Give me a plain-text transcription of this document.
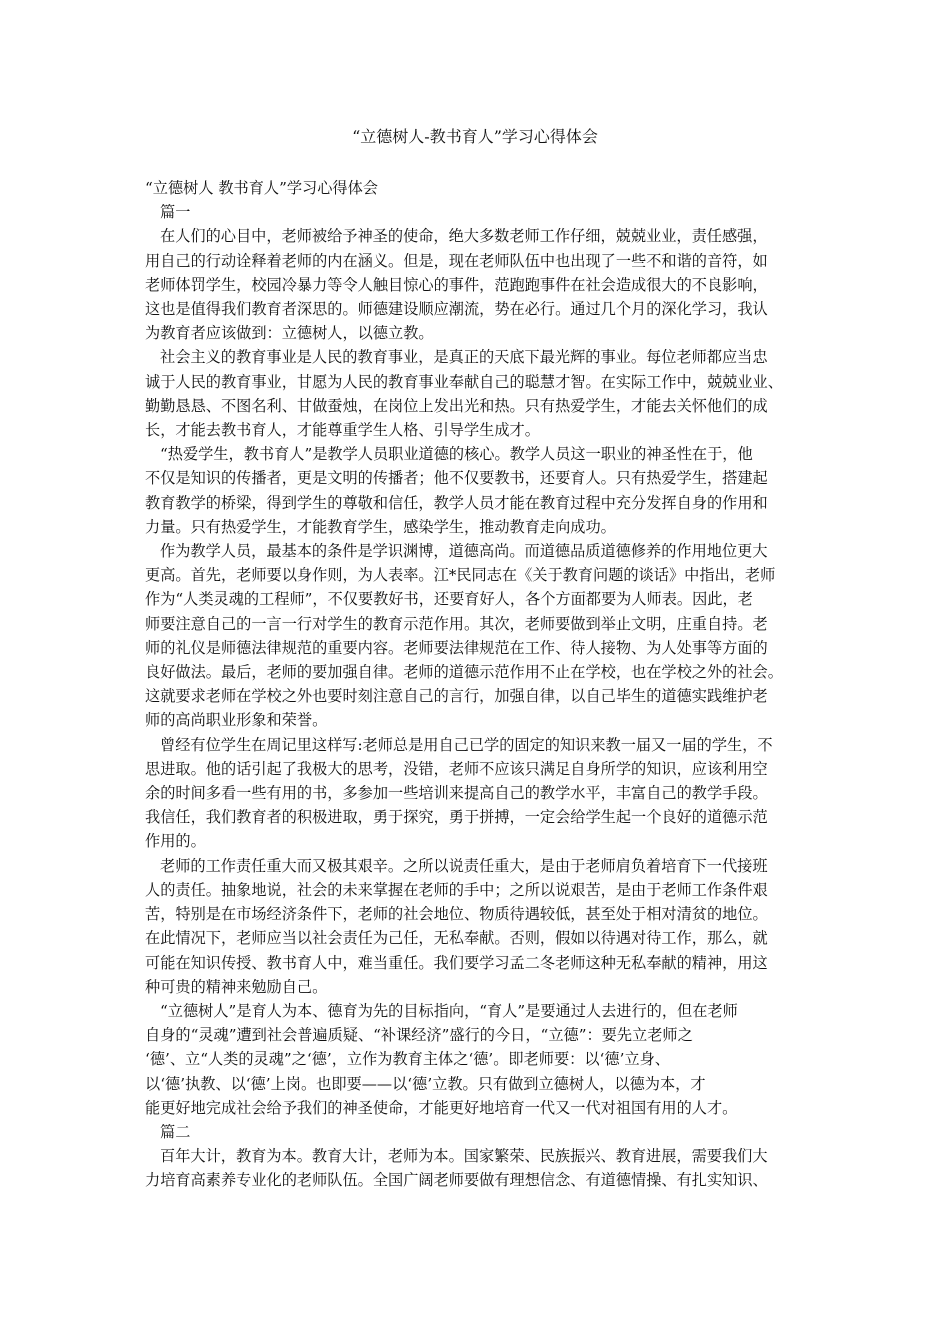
“立德树人-教书育人”学习心得体会
“立德树人 教书育人”学习心得体会
篇一
在人们的心目中，老师被给予神圣的使命，绝大多数老师工作仔细，兢兢业业，责任感强，
用自己的行动诠释着老师的内在涵义。但是，现在老师队伍中也出现了一些不和谐的音符，如
老师体罚学生，校园冷暴力等令人触目惊心的事件，范跑跑事件在社会造成很大的不良影响，
这也是值得我们教育者深思的。师德建设顺应潮流，势在必行。通过几个月的深化学习，我认
为教育者应该做到：立德树人，以德立教。
社会主义的教育事业是人民的教育事业，是真正的天底下最光辉的事业。每位老师都应当忠
诚于人民的教育事业，甘愿为人民的教育事业奉献自己的聪慧才智。在实际工作中，兢兢业业、
勤勤恳恳、不图名利、甘做蚕烛，在岗位上发出光和热。只有热爱学生，才能去关怀他们的成
长，才能去教书育人，才能尊重学生人格、引导学生成才。
“热爱学生，教书育人”是教学人员职业道德的核心。教学人员这一职业的神圣性在于，他
不仅是知识的传播者，更是文明的传播者；他不仅要教书，还要育人。只有热爱学生，搭建起
教育教学的桥梁，得到学生的尊敬和信任，教学人员才能在教育过程中充分发挥自身的作用和
力量。只有热爱学生，才能教育学生，感染学生，推动教育走向成功。
作为教学人员，最基本的条件是学识渊博，道德高尚。而道德品质道德修养的作用地位更大
更高。首先，老师要以身作则，为人表率。江*民同志在《关于教育问题的谈话》中指出，老师
作为“人类灵魂的工程师”，不仅要教好书，还要育好人，各个方面都要为人师表。因此，老
师要注意自己的一言一行对学生的教育示范作用。其次，老师要做到举止文明，庄重自持。老
师的礼仪是师德法律规范的重要内容。老师要法律规范在工作、待人接物、为人处事等方面的
良好做法。最后，老师的要加强自律。老师的道德示范作用不止在学校，也在学校之外的社会。
这就要求老师在学校之外也要时刻注意自己的言行，加强自律，以自己毕生的道德实践维护老
师的高尚职业形象和荣誉。
曾经有位学生在周记里这样写:老师总是用自己已学的固定的知识来教一届又一届的学生，不
思进取。他的话引起了我极大的思考，没错，老师不应该只满足自身所学的知识，应该利用空
余的时间多看一些有用的书，多参加一些培训来提高自己的教学水平，丰富自己的教学手段。
我信任，我们教育者的积极进取，勇于探究，勇于拼搏，一定会给学生起一个良好的道德示范
作用的。
老师的工作责任重大而又极其艰辛。之所以说责任重大，是由于老师肩负着培育下一代接班
人的责任。抽象地说，社会的未来掌握在老师的手中；之所以说艰苦，是由于老师工作条件艰
苦，特别是在市场经济条件下，老师的社会地位、物质待遇较低，甚至处于相对清贫的地位。
在此情况下，老师应当以社会责任为己任，无私奉献。否则，假如以待遇对待工作，那么，就
可能在知识传授、教书育人中，难当重任。我们要学习孟二冬老师这种无私奉献的精神，用这
种可贵的精神来勉励自己。
“立德树人”是育人为本、德育为先的目标指向，“育人”是要通过人去进行的，但在老师
自身的“灵魂”遭到社会普遍质疑、“补课经济”盛行的今日，“立德”：要先立老师之
‘德’、立“人类的灵魂”之‘德’，立作为教育主体之‘德’。即老师要：以‘德’立身、
以‘德’执教、以‘德’上岗。也即要——以‘德’立教。只有做到立德树人，以德为本，才
能更好地完成社会给予我们的神圣使命，才能更好地培育一代又一代对祖国有用的人才。
篇二
百年大计，教育为本。教育大计，老师为本。国家繁荣、民族振兴、教育进展，需要我们大
力培育高素养专业化的老师队伍。全国广阔老师要做有理想信念、有道德情操、有扎实知识、
